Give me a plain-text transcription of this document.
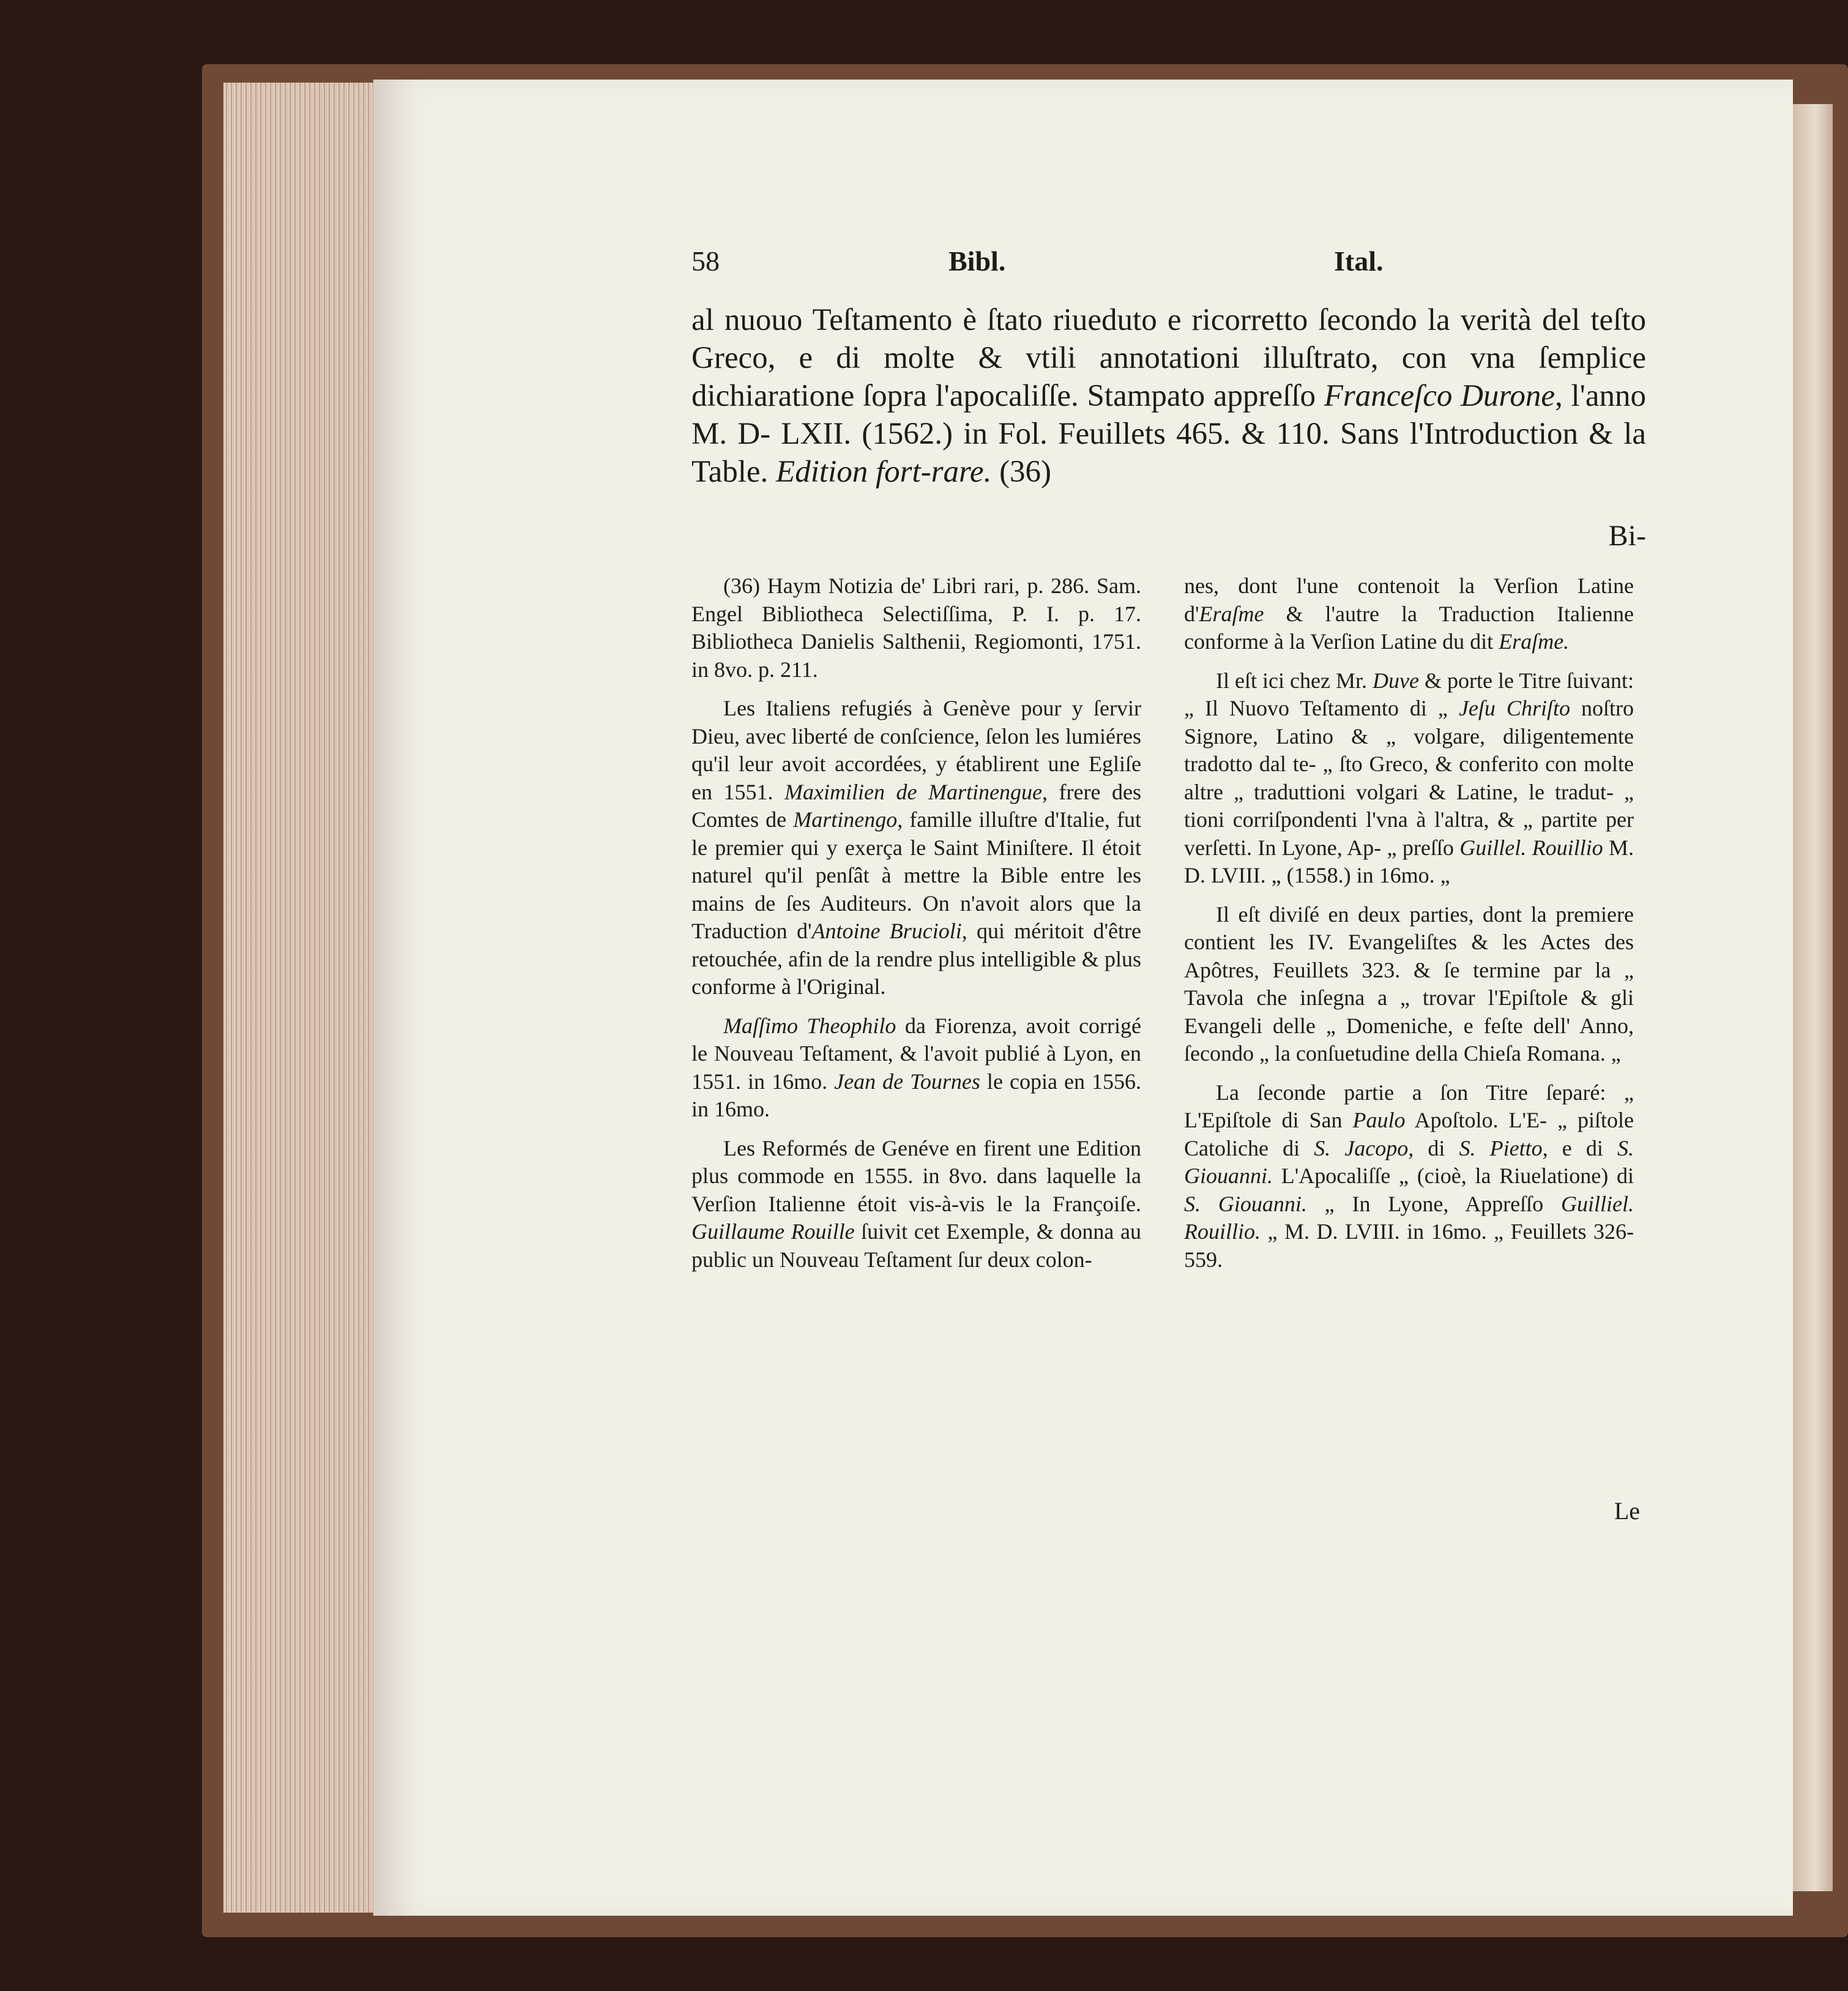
58	Bibl.	Ital.
al nuouo Teſtamento è ſtato riueduto e ricorretto ſecondo la verità del teſto Greco, e di molte & vtili annotationi illuſtrato, con vna ſemplice dichiaratione ſopra l'apocaliſſe. Stampato appreſſo Franceſco Durone, l'anno M. D- LXII. (1562.) in Fol. Feuillets 465. & 110. Sans l'Introduction & la Table. Edition fort-rare. (36)
Bi-

(36) Haym Notizia de' Libri rari, p. 286. Sam. Engel Bibliotheca Selectiſſima, P. I. p. 17. Bibliotheca Danielis Salthenii, Regiomonti, 1751. in 8vo. p. 211.

Les Italiens refugiés à Genève pour y ſervir Dieu, avec liberté de conſcience, ſelon les lumiéres qu'il leur avoit accordées, y établirent une Egliſe en 1551. Maximilien de Martinengue, frere des Comtes de Martinengo, famille illuſtre d'Italie, fut le premier qui y exerça le Saint Miniſtere. Il étoit naturel qu'il penſât à mettre la Bible entre les mains de ſes Auditeurs. On n'avoit alors que la Traduction d'Antoine Brucioli, qui méritoit d'être retouchée, afin de la rendre plus intelligible & plus conforme à l'Original.

Maſſimo Theophilo da Fiorenza, avoit corrigé le Nouveau Teſtament, & l'avoit publié à Lyon, en 1551. in 16mo. Jean de Tournes le copia en 1556. in 16mo.

Les Reformés de Genéve en firent une Edition plus commode en 1555. in 8vo. dans laquelle la Verſion Italienne étoit vis-à-vis le la Françoiſe. Guillaume Rouille ſuivit cet Exemple, & donna au public un Nouveau Teſtament ſur deux colon-

nes, dont l'une contenoit la Verſion Latine d'Eraſme & l'autre la Traduction Italienne conforme à la Verſion Latine du dit Eraſme.

Il eſt ici chez Mr. Duve & porte le Titre ſuivant: „ Il Nuovo Teſtamento di „ Jeſu Chriſto noſtro Signore, Latino & „ volgare, diligentemente tradotto dal te- „ ſto Greco, & conferito con molte altre „ traduttioni volgari & Latine, le tradut- „ tioni corriſpondenti l'vna à l'altra, & „ partite per verſetti. In Lyone, Ap- „ preſſo Guillel. Rouillio M. D. LVIII. „ (1558.) in 16mo. „

Il eſt diviſé en deux parties, dont la premiere contient les IV. Evangeliſtes & les Actes des Apôtres, Feuillets 323. & ſe termine par la „ Tavola che inſegna a „ trovar l'Epiſtole & gli Evangeli delle „ Domeniche, e feſte dell' Anno, ſecondo „ la conſuetudine della Chieſa Romana. „

La ſeconde partie a ſon Titre ſeparé: „ L'Epiſtole di San Paulo Apoſtolo. L'E- „ piſtole Catoliche di S. Jacopo, di S. Pietto, e di S. Giouanni. L'Apocaliſſe „ (cioè, la Riuelatione) di S. Giouanni. „ In Lyone, Appreſſo Guilliel. Rouillio. „ M. D. LVIII. in 16mo. „ Feuillets 326-559.

Le
